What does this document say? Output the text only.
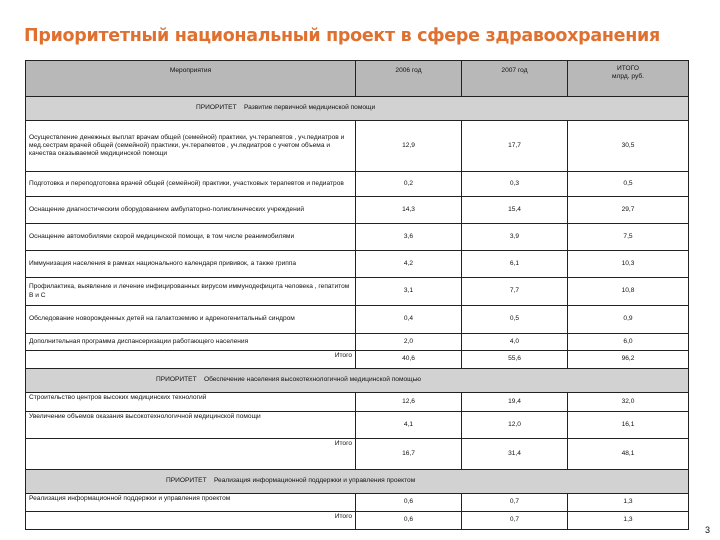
Приоритетный национальный проект в сфере здравоохранения
Мероприятия	2006 год	2007 год	ИТОГО
млрд. руб.
ПРИОРИТЕТ Развитие первичной медицинской помощи			
Осуществление денежных выплат врачам общей (семейной) практики, уч.терапевтов , уч.педиатров и мед.сестрам врачей общей (семейной) практики, уч.терапевтов , уч.педиатров с учетом объема и качества оказываемой медицинской помощи	12,9	17,7	30,5
Подготовка и переподготовка врачей общей (семейной) практики, участковых терапевтов и педиатров	0,2	0,3	0,5
Оснащение диагностическим оборудованием амбулаторно-поликлинических учреждений	14,3	15,4	29,7
Оснащение автомобилями скорой медицинской помощи, в том числе реанимобилями	3,6	3,9	7,5
Иммунизация населения в рамках национального календаря прививок, а также гриппа	4,2	6,1	10,3
Профилактика, выявление и лечение инфицированных вирусом иммунодефицита человека , гепатитом В и С	3,1	7,7	10,8
Обследование новорожденных детей на галактоземию и адреногенитальный синдром	0,4	0,5	0,9
Дополнительная программа диспансеризации работающего населения	2,0	4,0	6,0
Итого	40,6	55,6	96,2
ПРИОРИТЕТ Обеспечение населения высокотехнологичной медицинской помощью			
Строительство центров высоких медицинских технологий	12,6	19,4	32,0
Увеличение объемов оказания высокотехнологичной медицинской помощи	4,1	12,0	16,1
Итого	16,7	31,4	48,1
ПРИОРИТЕТ Реализация информационной поддержки и управления проектом			
Реализация информационной поддержки и управления проектом	0,6	0,7	1,3
Итого	0,6	0,7	1,3
3
